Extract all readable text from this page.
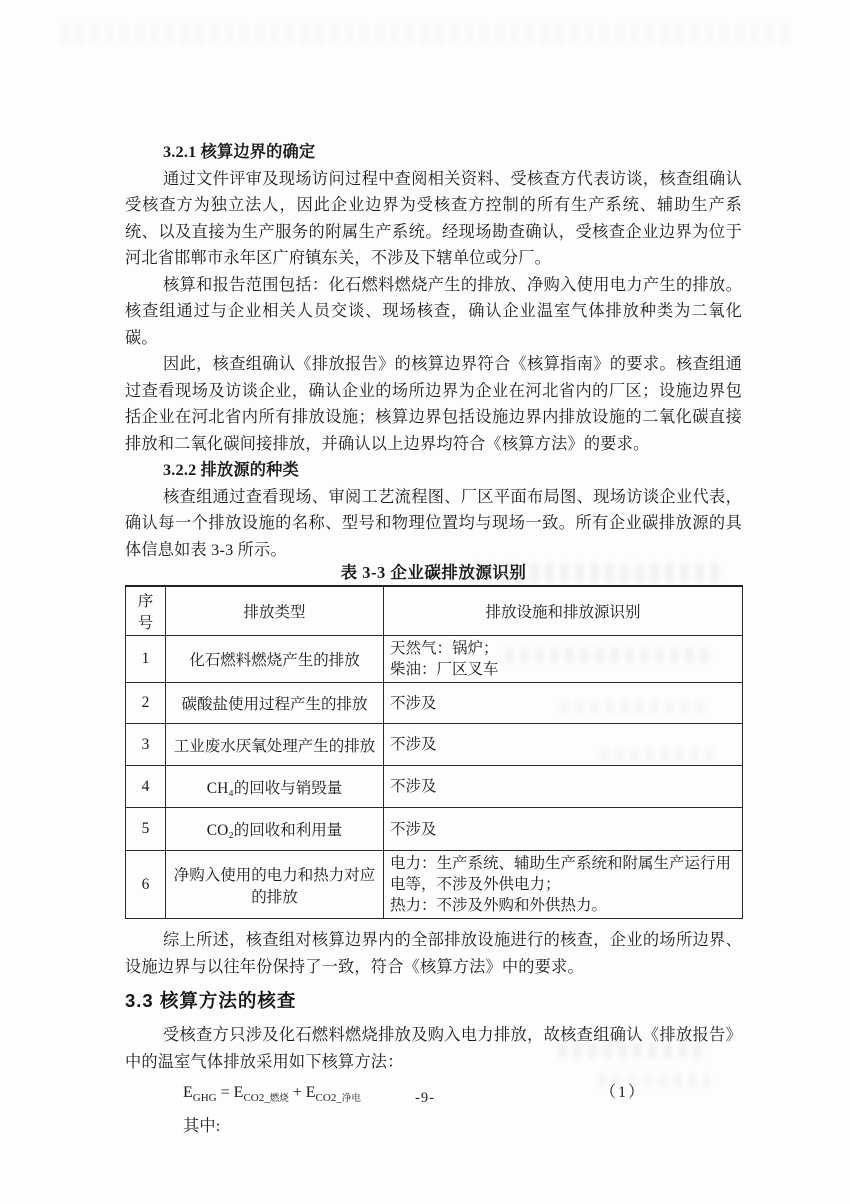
3.2.1 核算边界的确定

通过文件评审及现场访问过程中查阅相关资料、受核查方代表访谈，核查组确认受核查方为独立法人，因此企业边界为受核查方控制的所有生产系统、辅助生产系统、以及直接为生产服务的附属生产系统。经现场勘查确认，受核查企业边界为位于河北省邯郸市永年区广府镇东关，不涉及下辖单位或分厂。

核算和报告范围包括：化石燃料燃烧产生的排放、净购入使用电力产生的排放。核查组通过与企业相关人员交谈、现场核查，确认企业温室气体排放种类为二氧化碳。

因此，核查组确认《排放报告》的核算边界符合《核算指南》的要求。核查组通过查看现场及访谈企业，确认企业的场所边界为企业在河北省内的厂区；设施边界包括企业在河北省内所有排放设施；核算边界包括设施边界内排放设施的二氧化碳直接排放和二氧化碳间接排放，并确认以上边界均符合《核算方法》的要求。

3.2.2 排放源的种类

核查组通过查看现场、审阅工艺流程图、厂区平面布局图、现场访谈企业代表，确认每一个排放设施的名称、型号和物理位置均与现场一致。所有企业碳排放源的具体信息如表 3-3 所示。

表 3-3 企业碳排放源识别
序号	排放类型	排放设施和排放源识别
1	化石燃料燃烧产生的排放	天然气：锅炉；
柴油：厂区叉车

2	碳酸盐使用过程产生的排放	不涉及

3	工业废水厌氧处理产生的排放	不涉及

4	CH₄的回收与销毁量	不涉及

5	CO₂的回收和利用量	不涉及

6	净购入使用的电力和热力对应的排放	电力：生产系统、辅助生产系统和附属生产运行用电等，不涉及外供电力；
热力：不涉及外购和外供热力。

综上所述，核查组对核算边界内的全部排放设施进行的核查，企业的场所边界、设施边界与以往年份保持了一致，符合《核算方法》中的要求。

3.3 核算方法的核查

受核查方只涉及化石燃料燃烧排放及购入电力排放，故核查组确认《排放报告》中的温室气体排放采用如下核算方法：

$E_{GHG} = E_{CO2\_燃烧} + E_{CO2\_净电}$	（1）

其中:

-9-
